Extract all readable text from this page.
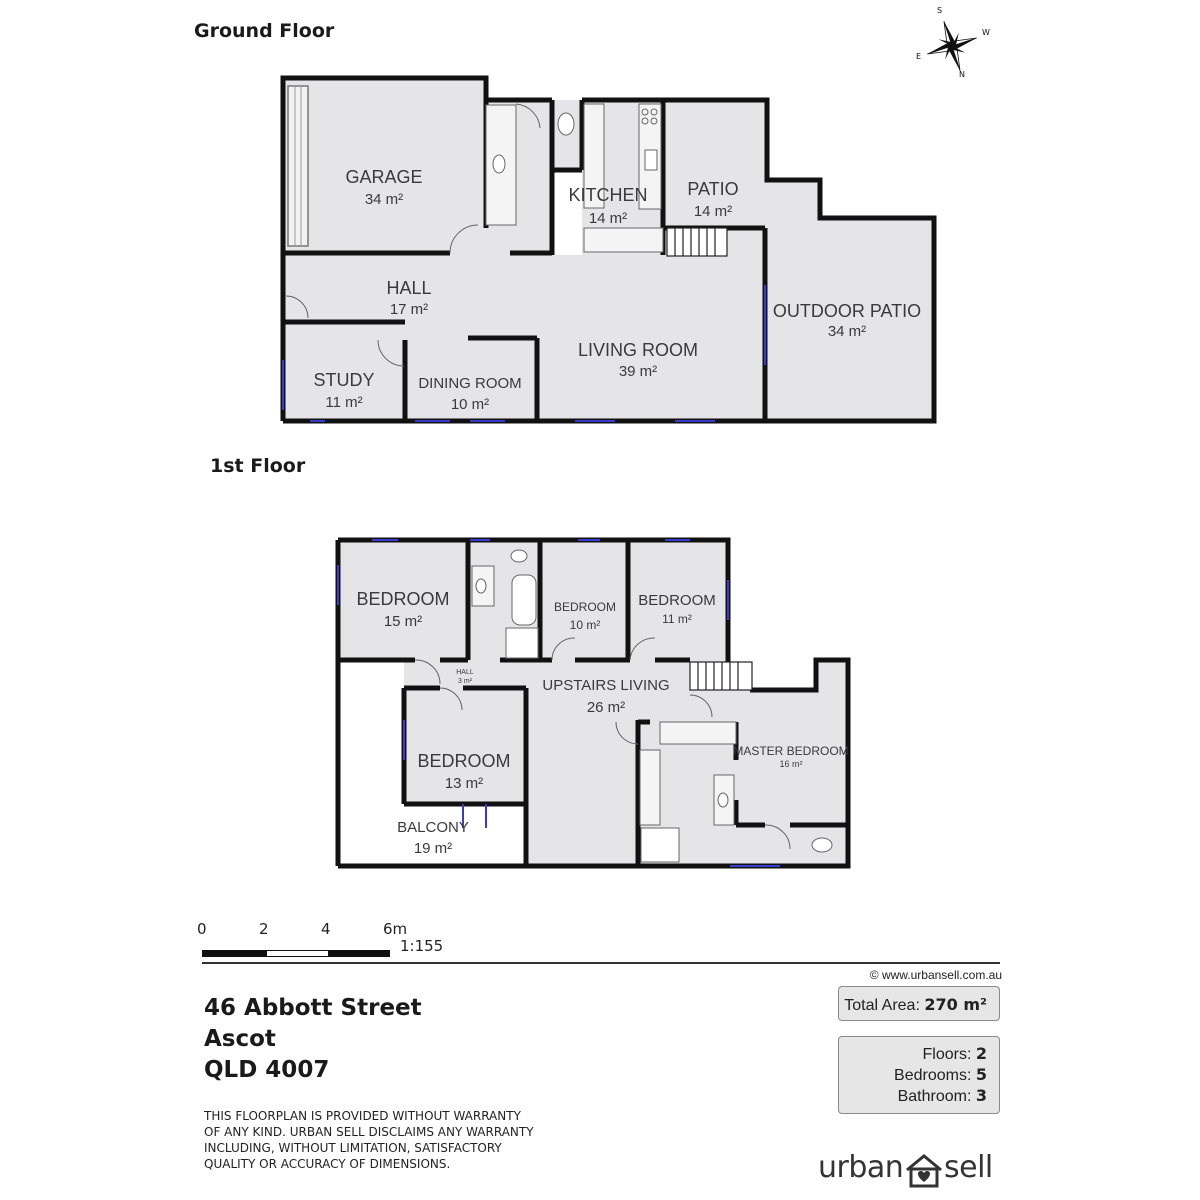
Ground Floor
1st Floor
S
W
E
N
GARAGE
34 m²
HALL
17 m²
KITCHEN
14 m²
PATIO
14 m²
OUTDOOR PATIO
34 m²
LIVING ROOM
39 m²
STUDY
11 m²
DINING ROOM
10 m²
BEDROOM
15 m²
BEDROOM
10 m²
BEDROOM
11 m²
HALL
3 m²	UPSTAIRS LIVING
26 m²
MASTER BEDROOM
16 m²
BEDROOM
13 m²
BALCONY
19 m²
0	2	4	6m
1:155
46 Abbott Street
Ascot
QLD 4007
THIS FLOORPLAN IS PROVIDED WITHOUT WARRANTY
OF ANY KIND. URBAN SELL DISCLAIMS ANY WARRANTY
INCLUDING, WITHOUT LIMITATION, SATISFACTORY
QUALITY OR ACCURACY OF DIMENSIONS.
© www.urbansell.com.au
Total Area: 270 m²
Floors: 2
Bedrooms: 5
Bathroom: 3
urban sell
